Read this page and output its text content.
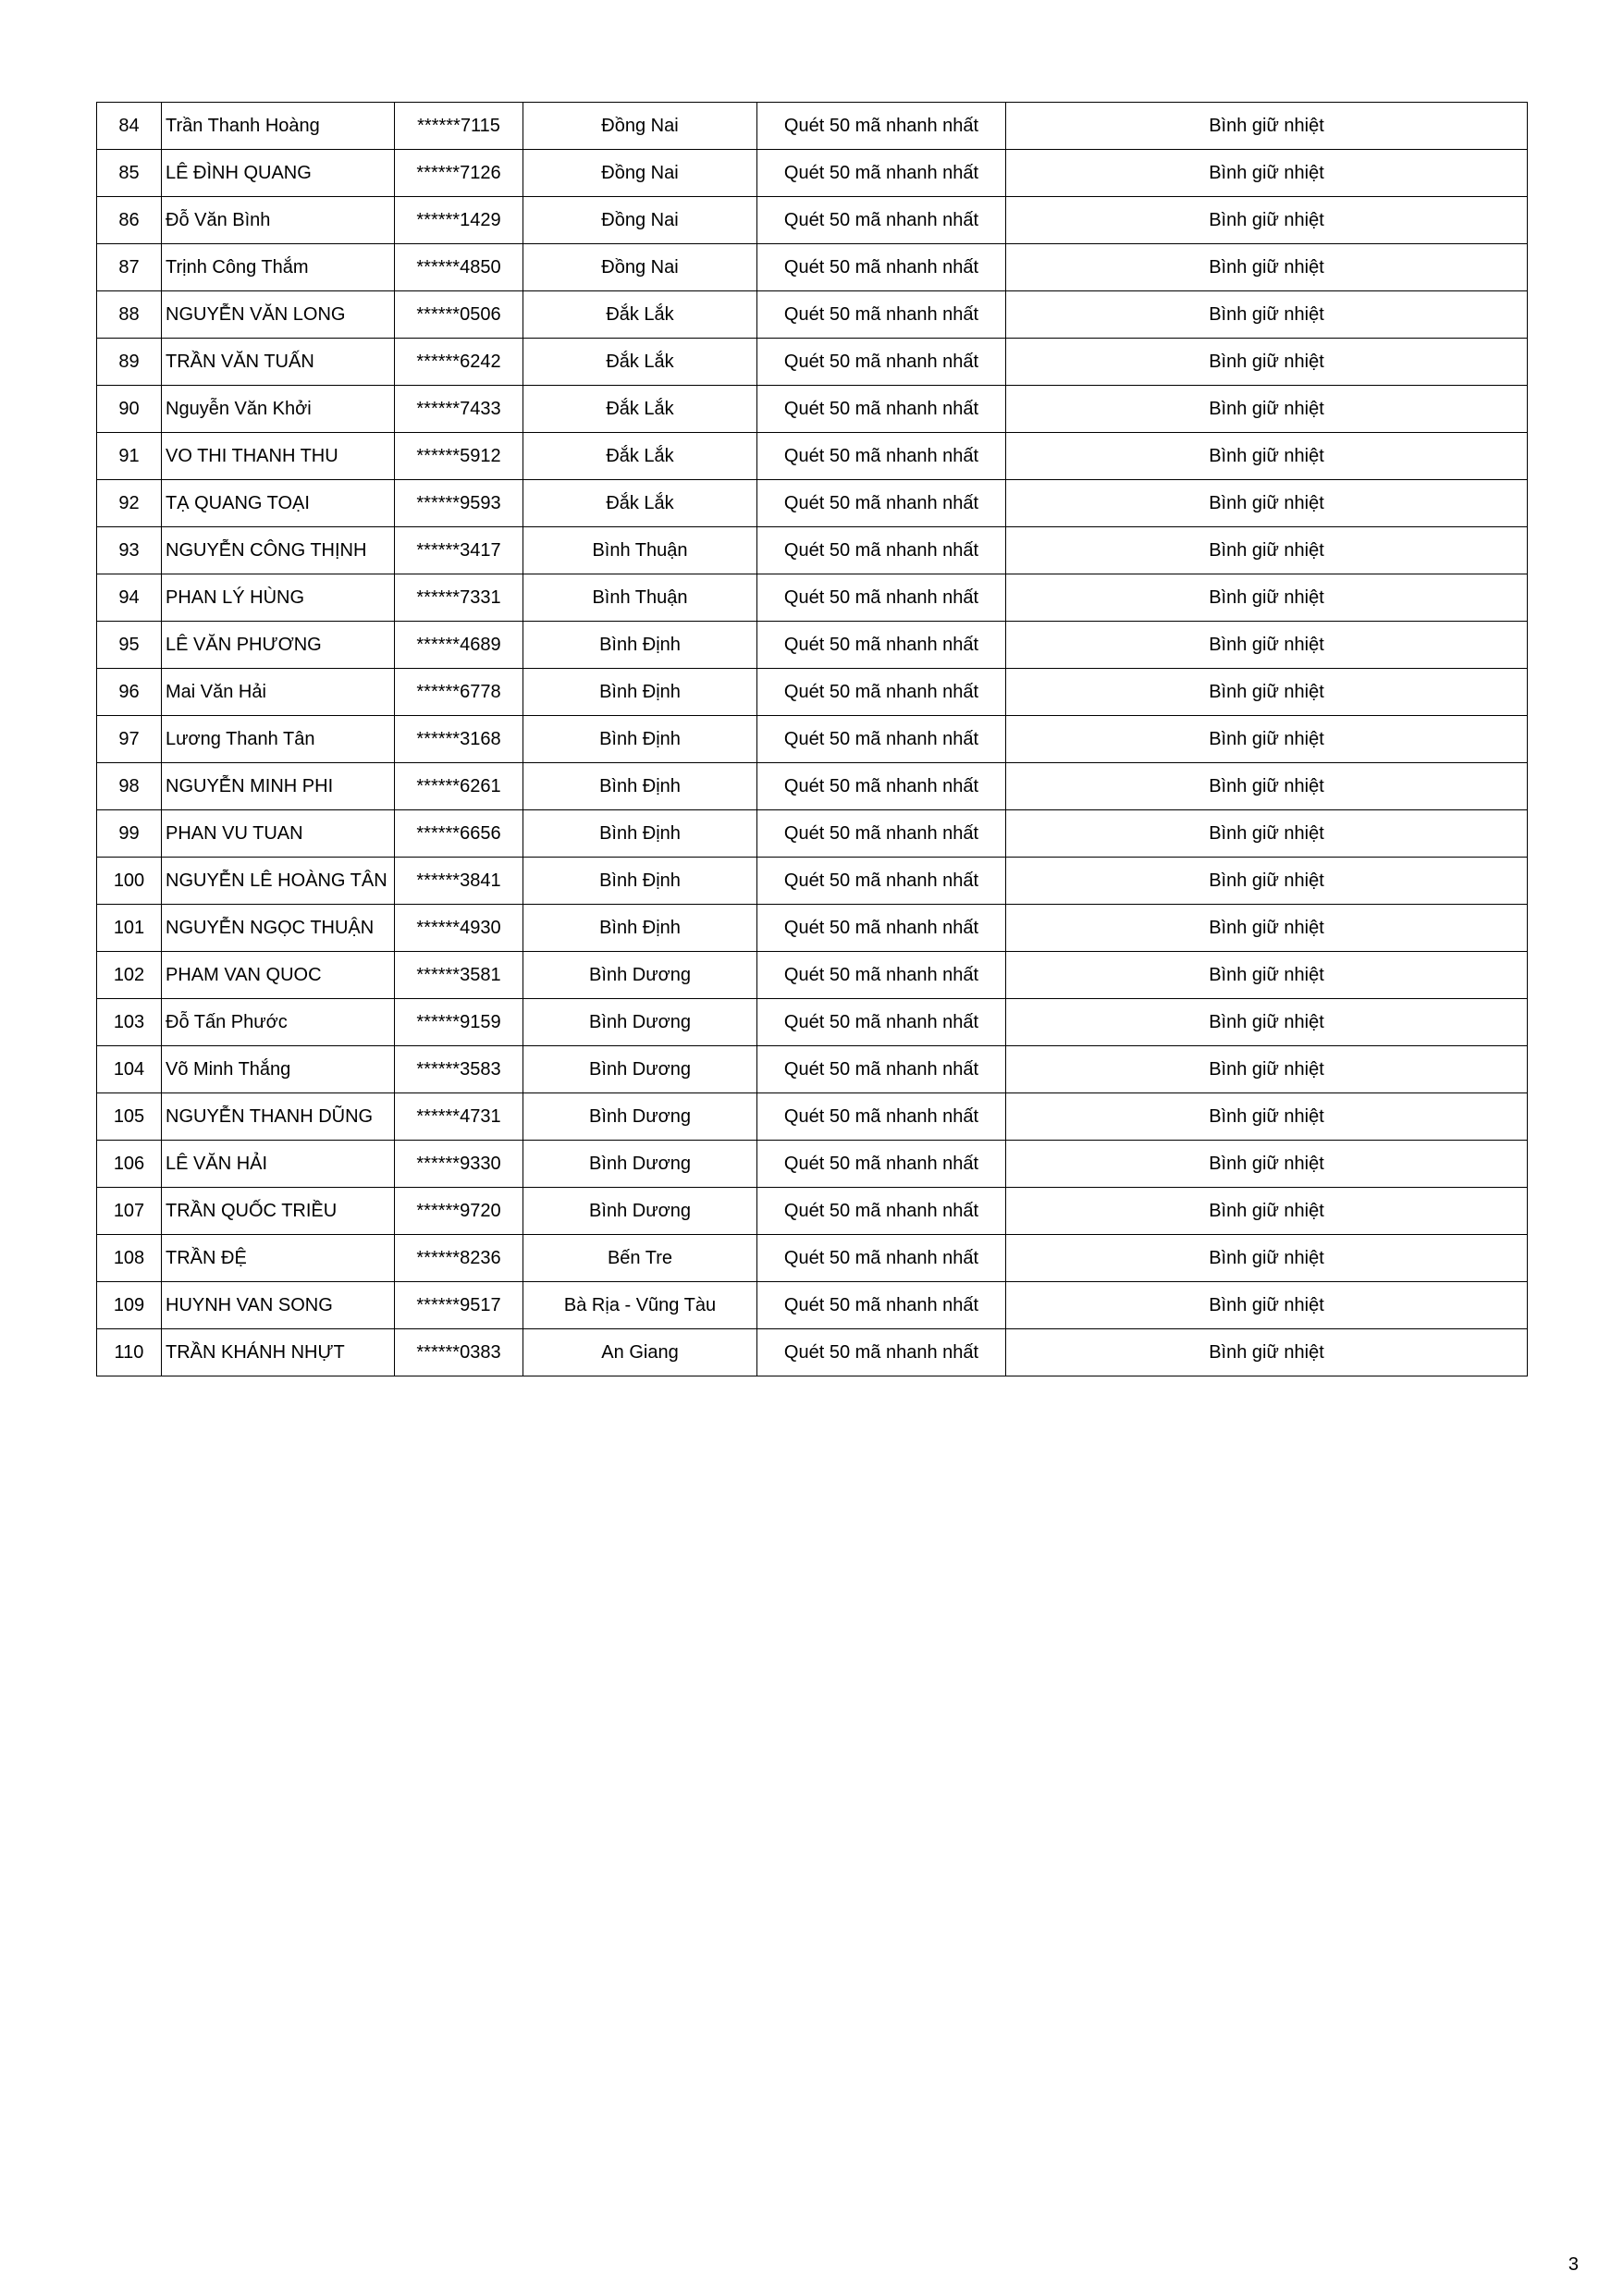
84	Trần Thanh Hoàng	******7115	Đồng Nai	Quét 50 mã nhanh nhất	Bình giữ nhiệt
85	LÊ ĐÌNH QUANG	******7126	Đồng Nai	Quét 50 mã nhanh nhất	Bình giữ nhiệt
86	Đỗ Văn Bình	******1429	Đồng Nai	Quét 50 mã nhanh nhất	Bình giữ nhiệt
87	Trịnh Công Thắm	******4850	Đồng Nai	Quét 50 mã nhanh nhất	Bình giữ nhiệt
88	NGUYỄN VĂN LONG	******0506	Đắk Lắk	Quét 50 mã nhanh nhất	Bình giữ nhiệt
89	TRẦN VĂN TUẤN	******6242	Đắk Lắk	Quét 50 mã nhanh nhất	Bình giữ nhiệt
90	Nguyễn Văn Khởi	******7433	Đắk Lắk	Quét 50 mã nhanh nhất	Bình giữ nhiệt
91	VO THI THANH THU	******5912	Đắk Lắk	Quét 50 mã nhanh nhất	Bình giữ nhiệt
92	TẠ QUANG TOẠI	******9593	Đắk Lắk	Quét 50 mã nhanh nhất	Bình giữ nhiệt
93	NGUYỄN CÔNG THỊNH	******3417	Bình Thuận	Quét 50 mã nhanh nhất	Bình giữ nhiệt
94	PHAN LÝ HÙNG	******7331	Bình Thuận	Quét 50 mã nhanh nhất	Bình giữ nhiệt
95	LÊ VĂN PHƯƠNG	******4689	Bình Định	Quét 50 mã nhanh nhất	Bình giữ nhiệt
96	Mai Văn Hải	******6778	Bình Định	Quét 50 mã nhanh nhất	Bình giữ nhiệt
97	Lương Thanh Tân	******3168	Bình Định	Quét 50 mã nhanh nhất	Bình giữ nhiệt
98	NGUYỄN MINH PHI	******6261	Bình Định	Quét 50 mã nhanh nhất	Bình giữ nhiệt
99	PHAN VU TUAN	******6656	Bình Định	Quét 50 mã nhanh nhất	Bình giữ nhiệt
100	NGUYỄN LÊ HOÀNG TÂN	******3841	Bình Định	Quét 50 mã nhanh nhất	Bình giữ nhiệt
101	NGUYỄN NGỌC THUẬN	******4930	Bình Định	Quét 50 mã nhanh nhất	Bình giữ nhiệt
102	PHAM VAN QUOC	******3581	Bình Dương	Quét 50 mã nhanh nhất	Bình giữ nhiệt
103	Đỗ Tấn Phước	******9159	Bình Dương	Quét 50 mã nhanh nhất	Bình giữ nhiệt
104	Võ Minh Thắng	******3583	Bình Dương	Quét 50 mã nhanh nhất	Bình giữ nhiệt
105	NGUYỄN THANH DŨNG	******4731	Bình Dương	Quét 50 mã nhanh nhất	Bình giữ nhiệt
106	LÊ VĂN HẢI	******9330	Bình Dương	Quét 50 mã nhanh nhất	Bình giữ nhiệt
107	TRẦN QUỐC TRIỀU	******9720	Bình Dương	Quét 50 mã nhanh nhất	Bình giữ nhiệt
108	TRẦN ĐỆ	******8236	Bến Tre	Quét 50 mã nhanh nhất	Bình giữ nhiệt
109	HUYNH VAN SONG	******9517	Bà Rịa - Vũng Tàu	Quét 50 mã nhanh nhất	Bình giữ nhiệt
110	TRẦN KHÁNH NHỰT	******0383	An Giang	Quét 50 mã nhanh nhất	Bình giữ nhiệt
3
